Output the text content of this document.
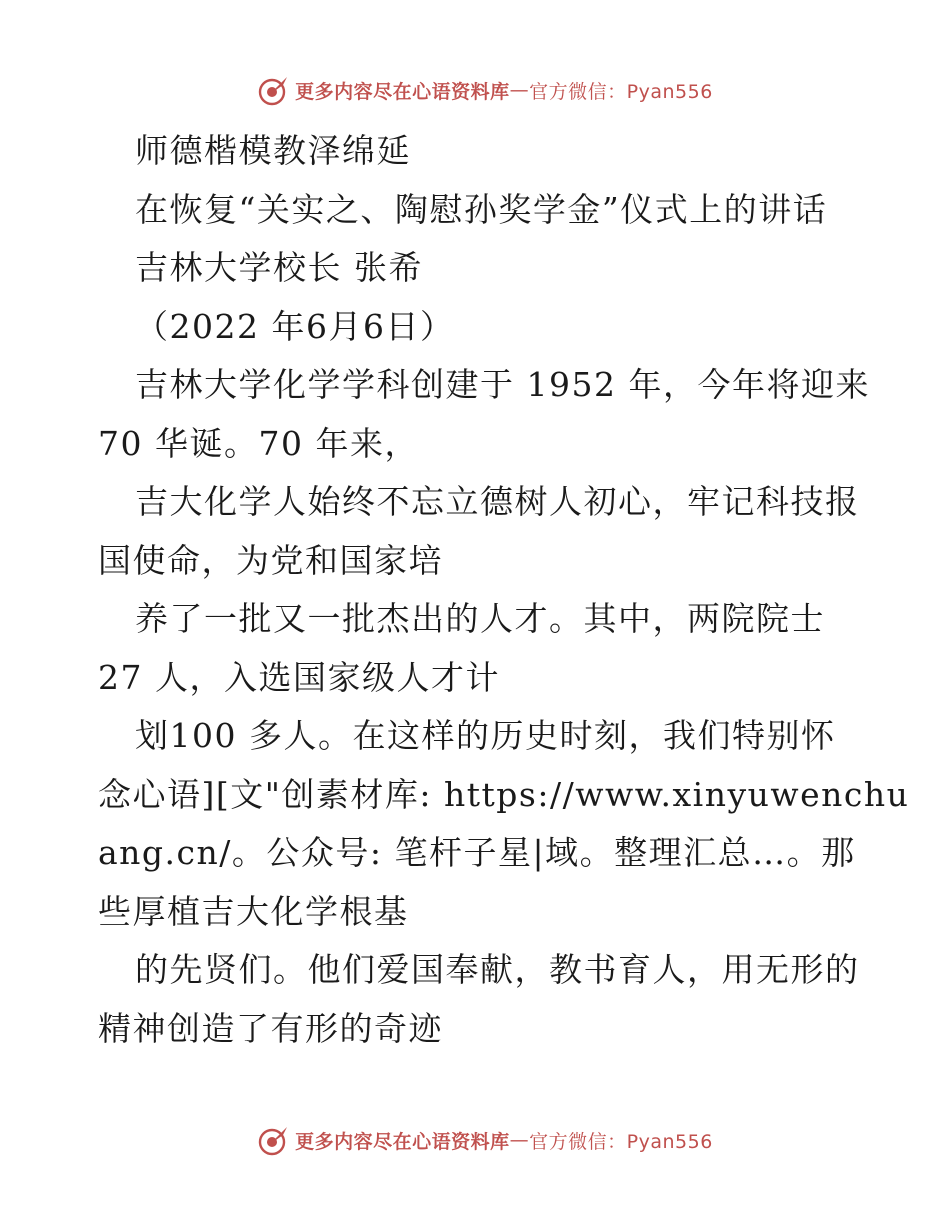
更多内容尽在心语资料库 — 官方微信：Pyan556
师德楷模教泽绵延
在恢复“关实之、陶慰孙奖学金”仪式上的讲话
吉林大学校长 张希
（2022 年6月6日）
吉林大学化学学科创建于 1952 年，今年将迎来
70 华诞。70 年来，
吉大化学人始终不忘立德树人初心，牢记科技报
国使命，为党和国家培
养了一批又一批杰出的人才。其中，两院院士
27 人，入选国家级人才计
划100 多人。在这样的历史时刻，我们特别怀
念心语][文"创素材库: https://www.xinyuwenchu
ang.cn/。公众号: 笔杆子星|域。整理汇总…。那
些厚植吉大化学根基
的先贤们。他们爱国奉献，教书育人，用无形的
精神创造了有形的奇迹
更多内容尽在心语资料库 — 官方微信：Pyan556
